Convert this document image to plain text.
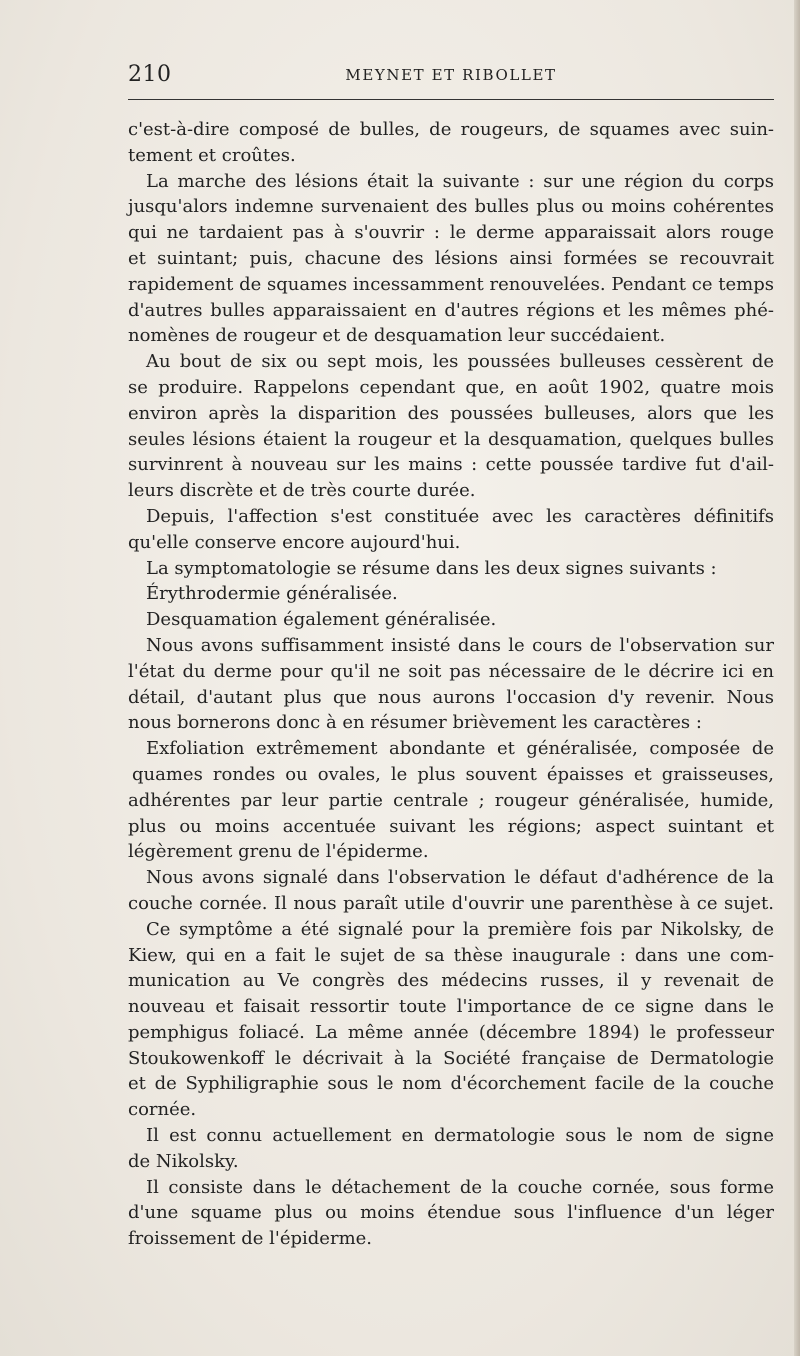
210	MEYNET ET RIBOLLET
c'est-à-dire composé de bulles, de rougeurs, de squames avec suin-
tement et croûtes.
La marche des lésions était la suivante : sur une région du corps
jusqu'alors indemne survenaient des bulles plus ou moins cohérentes
qui ne tardaient pas à s'ouvrir : le derme apparaissait alors rouge
et suintant; puis, chacune des lésions ainsi formées se recouvrait
rapidement de squames incessamment renouvelées. Pendant ce temps
d'autres bulles apparaissaient en d'autres régions et les mêmes phé-
nomènes de rougeur et de desquamation leur succédaient.
Au bout de six ou sept mois, les poussées bulleuses cessèrent de
se produire. Rappelons cependant que, en août 1902, quatre mois
environ après la disparition des poussées bulleuses, alors que les
seules lésions étaient la rougeur et la desquamation, quelques bulles
survinrent à nouveau sur les mains : cette poussée tardive fut d'ail-
leurs discrète et de très courte durée.
Depuis, l'affection s'est constituée avec les caractères définitifs
qu'elle conserve encore aujourd'hui.
La symptomatologie se résume dans les deux signes suivants :
Érythrodermie généralisée.
Desquamation également généralisée.
Nous avons suffisamment insisté dans le cours de l'observation sur
l'état du derme pour qu'il ne soit pas nécessaire de le décrire ici en
détail, d'autant plus que nous aurons l'occasion d'y revenir. Nous
nous bornerons donc à en résumer brièvement les caractères :
Exfoliation extrêmement abondante et généralisée, composée de
quames rondes ou ovales, le plus souvent épaisses et graisseuses,
adhérentes par leur partie centrale ; rougeur généralisée, humide,
plus ou moins accentuée suivant les régions; aspect suintant et
légèrement grenu de l'épiderme.
Nous avons signalé dans l'observation le défaut d'adhérence de la
couche cornée. Il nous paraît utile d'ouvrir une parenthèse à ce sujet.
Ce symptôme a été signalé pour la première fois par Nikolsky, de
Kiew, qui en a fait le sujet de sa thèse inaugurale : dans une com-
munication au Ve congrès des médecins russes, il y revenait de
nouveau et faisait ressortir toute l'importance de ce signe dans le
pemphigus foliacé. La même année (décembre 1894) le professeur
Stoukowenkoff le décrivait à la Société française de Dermatologie
et de Syphiligraphie sous le nom d'écorchement facile de la couche
cornée.
Il est connu actuellement en dermatologie sous le nom de signe
de Nikolsky.
Il consiste dans le détachement de la couche cornée, sous forme
d'une squame plus ou moins étendue sous l'influence d'un léger
froissement de l'épiderme.
